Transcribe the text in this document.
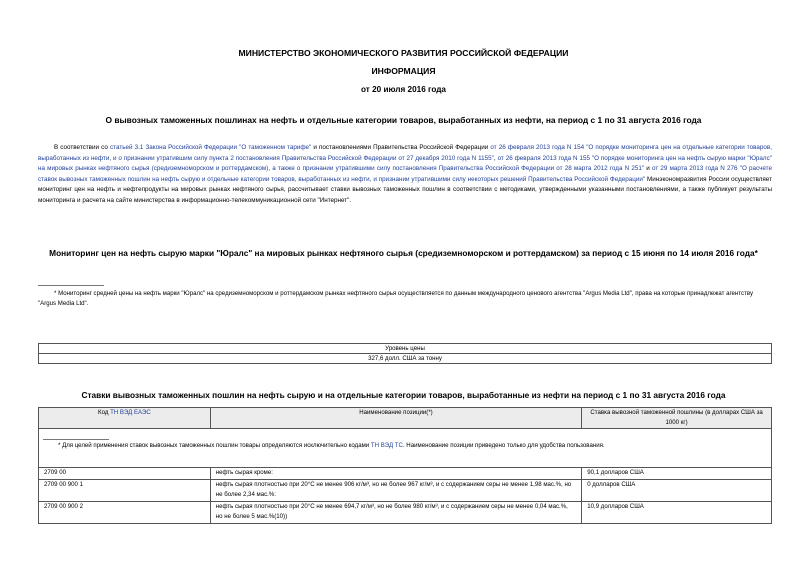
МИНИСТЕРСТВО ЭКОНОМИЧЕСКОГО РАЗВИТИЯ РОССИЙСКОЙ ФЕДЕРАЦИИ
ИНФОРМАЦИЯ
от 20 июля 2016 года
О вывозных таможенных пошлинах на нефть и отдельные категории товаров, выработанных из нефти, на период с 1 по 31 августа 2016 года
В соответствии со статьей 3.1 Закона Российской Федерации "О таможенном тарифе" и постановлениями Правительства Российской Федерации от 26 февраля 2013 года N 154 "О порядке мониторинга цен на отдельные категории товаров, выработанных из нефти, и о признании утратившим силу пункта 2 постановления Правительства Российской Федерации от 27 декабря 2010 года N 1155", от 26 февраля 2013 года N 155 "О порядке мониторинга цен на нефть сырую марки "Юралс" на мировых рынках нефтяного сырья (средиземноморском и роттердамском), а также о признании утратившими силу постановления Правительства Российской Федерации от 28 марта 2012 года N 251" и от 29 марта 2013 года N 276 "О расчете ставок вывозных таможенных пошлин на нефть сырую и отдельные категории товаров, выработанных из нефти, и признании утратившими силу некоторых решений Правительства Российской Федерации" Минэкономразвития России осуществляет мониторинг цен на нефть и нефтепродукты на мировых рынках нефтяного сырья, рассчитывает ставки вывозных таможенных пошлин в соответствии с методиками, утвержденными указанными постановлениями, а также публикует результаты мониторинга и расчета на сайте министерства в информационно-телекоммуникационной сети "Интернет".
Мониторинг цен на нефть сырую марки "Юралс" на мировых рынках нефтяного сырья (средиземноморском и роттердамском) за период с 15 июня по 14 июля 2016 года*
* Мониторинг средней цены на нефть марки "Юралс" на средиземноморском и роттердамском рынках нефтяного сырья осуществляется по данным международного ценового агентства "Argus Media Ltd", права на которые принадлежат агентству "Argus Media Ltd".
Уровень цены
327,6 долл. США за тонну
Ставки вывозных таможенных пошлин на нефть сырую и на отдельные категории товаров, выработанные из нефти на период с 1 по 31 августа 2016 года
Код ТН ВЭД ЕАЭС	Наименование позиции(*)	Ставка вывозной таможенной пошлины (в долларах США за 1000 кг)

* Для целей применения ставок вывозных таможенных пошлин товары определяются исключительно кодами ТН ВЭД ТС. Наименование позиции приведено только для удобства пользования.		

2709 00	нефть сырая кроме:	90,1 долларов США
2709 00 900 1	нефть сырая плотностью при 20°С не менее 906 кг/м³, но не более 967 кг/м³, и с содержанием серы не менее 1,98 мас.%, но не более 2,34 мас.%:	0 долларов США
2709 00 900 2	нефть сырая плотностью при 20°С не менее 694,7 кг/м³, но не более 980 кг/м³, и с содержанием серы не менее 0,04 мас.%, но не более 5 мас.%(10))	10,9 долларов США
